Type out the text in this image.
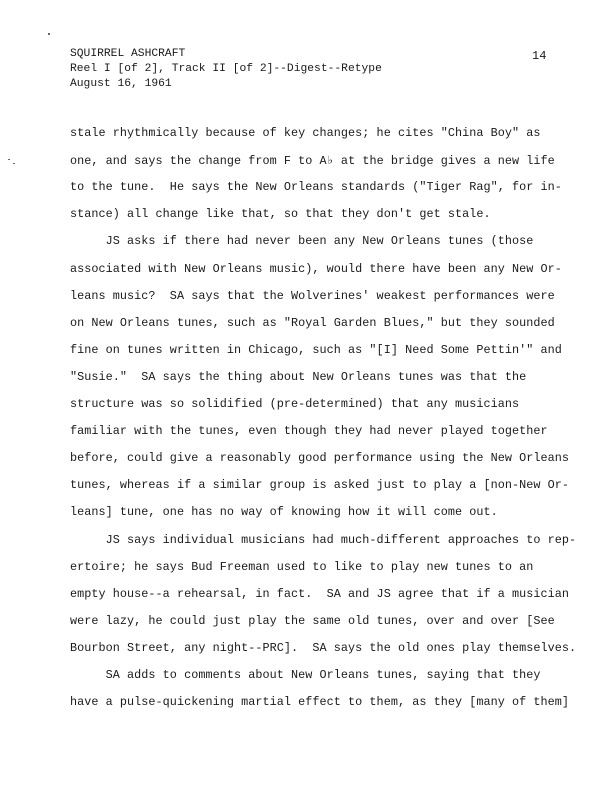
SQUIRREL ASHCRAFT
Reel I [of 2], Track II [of 2]--Digest--Retype
August 16, 1961
14
stale rhythmically because of key changes; he cites "China Boy" as
one, and says the change from F to A♭ at the bridge gives a new life
to the tune.  He says the New Orleans standards ("Tiger Rag", for in-
stance) all change like that, so that they don't get stale.
JS asks if there had never been any New Orleans tunes (those
associated with New Orleans music), would there have been any New Or-
leans music?  SA says that the Wolverines' weakest performances were
on New Orleans tunes, such as "Royal Garden Blues," but they sounded
fine on tunes written in Chicago, such as "[I] Need Some Pettin'" and
"Susie."  SA says the thing about New Orleans tunes was that the
structure was so solidified (pre-determined) that any musicians
familiar with the tunes, even though they had never played together
before, could give a reasonably good performance using the New Orleans
tunes, whereas if a similar group is asked just to play a [non-New Or-
leans] tune, one has no way of knowing how it will come out.
JS says individual musicians had much-different approaches to rep-
ertoire; he says Bud Freeman used to like to play new tunes to an
empty house--a rehearsal, in fact.  SA and JS agree that if a musician
were lazy, he could just play the same old tunes, over and over [See
Bourbon Street, any night--PRC].  SA says the old ones play themselves.
SA adds to comments about New Orleans tunes, saying that they
have a pulse-quickening martial effect to them, as they [many of them]
